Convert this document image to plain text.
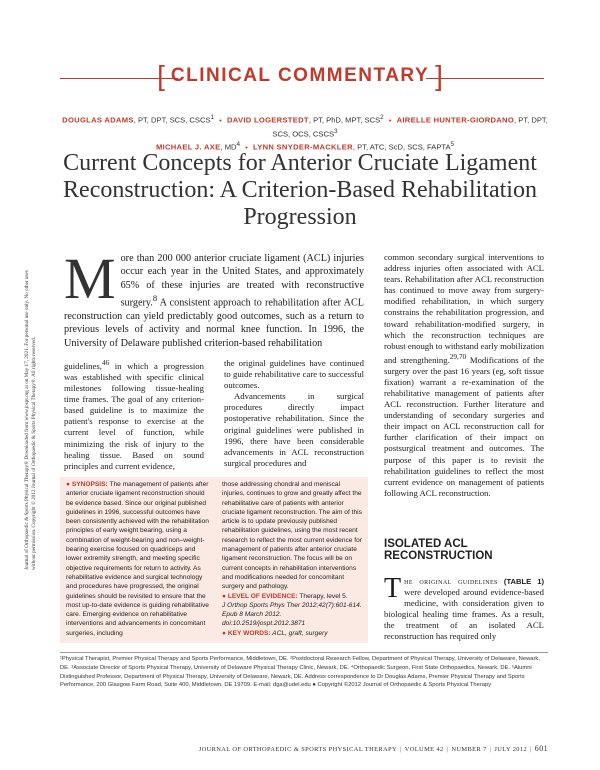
[ CLINICAL COMMENTARY ]
DOUGLAS ADAMS, PT, DPT, SCS, CSCS$^1$ • DAVID LOGERSTEDT, PT, PhD, MPT, SCS$^2$ • AIRELLE HUNTER-GIORDANO, PT, DPT, SCS, OCS, CSCS$^3$
MICHAEL J. AXE, $MD^4$ • LYNN SNYDER-MACKLER, PT, ATC, ScD, SCS, FAPTA$^5$
Current Concepts for Anterior Cruciate Ligament Reconstruction: A Criterion-Based Rehabilitation Progression
Journal of Orthopaedic & Sports Physical Therapy® Downloaded from www.jospt.org at on May 17, 2021. For personal use only. No other uses without permission. Copyright © 2012 Journal of Orthopaedic & Sports Physical Therapy®. All rights reserved.
More than 200 000 anterior cruciate ligament (ACL) injuries occur each year in the United States, and approximately 65% of these injuries are treated with reconstructive surgery.$^8$ A consistent approach to rehabilitation after ACL reconstruction can yield predictably good outcomes, such as a return to previous levels of activity and normal knee function. In 1996, the University of Delaware published criterion-based rehabilitation
guidelines,$^{46}$ in which a progression was established with specific clinical milestones following tissue-healing time frames. The goal of any criterion-based guideline is to maximize the patient's response to exercise at the current level of function, while minimizing the risk of injury to the healing tissue. Based on sound principles and current evidence,
the original guidelines have continued to guide rehabilitative care to successful outcomes.
Advancements in surgical procedures directly impact postoperative rehabilitation. Since the original guidelines were published in 1996, there have been considerable advancements in ACL reconstruction surgical procedures and
common secondary surgical interventions to address injuries often associated with ACL tears. Rehabilitation after ACL reconstruction has continued to move away from surgery-modified rehabilitation, in which surgery constrains the rehabilitation progression, and toward rehabilitation-modified surgery, in which the reconstruction techniques are robust enough to withstand early mobilization and strengthening.$^{29,70}$ Modifications of the surgery over the past 16 years (eg, soft tissue fixation) warrant a re-examination of the rehabilitative management of patients after ACL reconstruction. Further literature and understanding of secondary surgeries and their impact on ACL reconstruction call for further clarification of their impact on postsurgical treatment and outcomes. The purpose of this paper is to revisit the rehabilitation guidelines to reflect the most current evidence on management of patients following ACL reconstruction.
● SYNOPSIS: The management of patients after anterior cruciate ligament reconstruction should be evidence based. Since our original published guidelines in 1996, successful outcomes have been consistently achieved with the rehabilitation principles of early weight bearing, using a combination of weight-bearing and non–weight-bearing exercise focused on quadriceps and lower extremity strength, and meeting specific objective requirements for return to activity. As rehabilitative evidence and surgical technology and procedures have progressed, the original guidelines should be revisited to ensure that the most up-to-date evidence is guiding rehabilitative care. Emerging evidence on rehabilitative interventions and advancements in concomitant surgeries, including
those addressing chondral and meniscal injuries, continues to grow and greatly affect the rehabilitative care of patients with anterior cruciate ligament reconstruction. The aim of this article is to update previously published rehabilitation guidelines, using the most recent research to reflect the most current evidence for management of patients after anterior cruciate ligament reconstruction. The focus will be on current concepts in rehabilitation interventions and modifications needed for concomitant surgery and pathology.
● LEVEL OF EVIDENCE: Therapy, level 5.
J Orthop Sports Phys Ther 2012;42(7):601-614. Epub 8 March 2012. doi:10.2519/jospt.2012.3871
● KEY WORDS: ACL, graft, surgery
ISOLATED ACL RECONSTRUCTION
The original guidelines (TABLE 1) were developed around evidence-based medicine, with consideration given to biological healing time frames. As a result, the treatment of an isolated ACL reconstruction has required only
¹Physical Therapist, Premier Physical Therapy and Sports Performance, Middletown, DE. ²Postdoctoral Research Fellow, Department of Physical Therapy, University of Delaware, Newark, DE. ³Associate Director of Sports Physical Therapy, University of Delaware Physical Therapy Clinic, Newark, DE. ⁴Orthopaedic Surgeon, First State Orthopaedics, Newark, DE. ⁵Alumni Distinguished Professor, Department of Physical Therapy, University of Delaware, Newark, DE. Address correspondence to Dr Douglas Adams, Premier Physical Therapy and Sports Performance, 200 Glasgow Farm Road, Suite 400, Middletown, DE 19709. E-mail: dga@udel.edu ● Copyright ©2012 Journal of Orthopaedic & Sports Physical Therapy
JOURNAL OF ORTHOPAEDIC & SPORTS PHYSICAL THERAPY | VOLUME 42 | NUMBER 7 | JULY 2012 | 601
